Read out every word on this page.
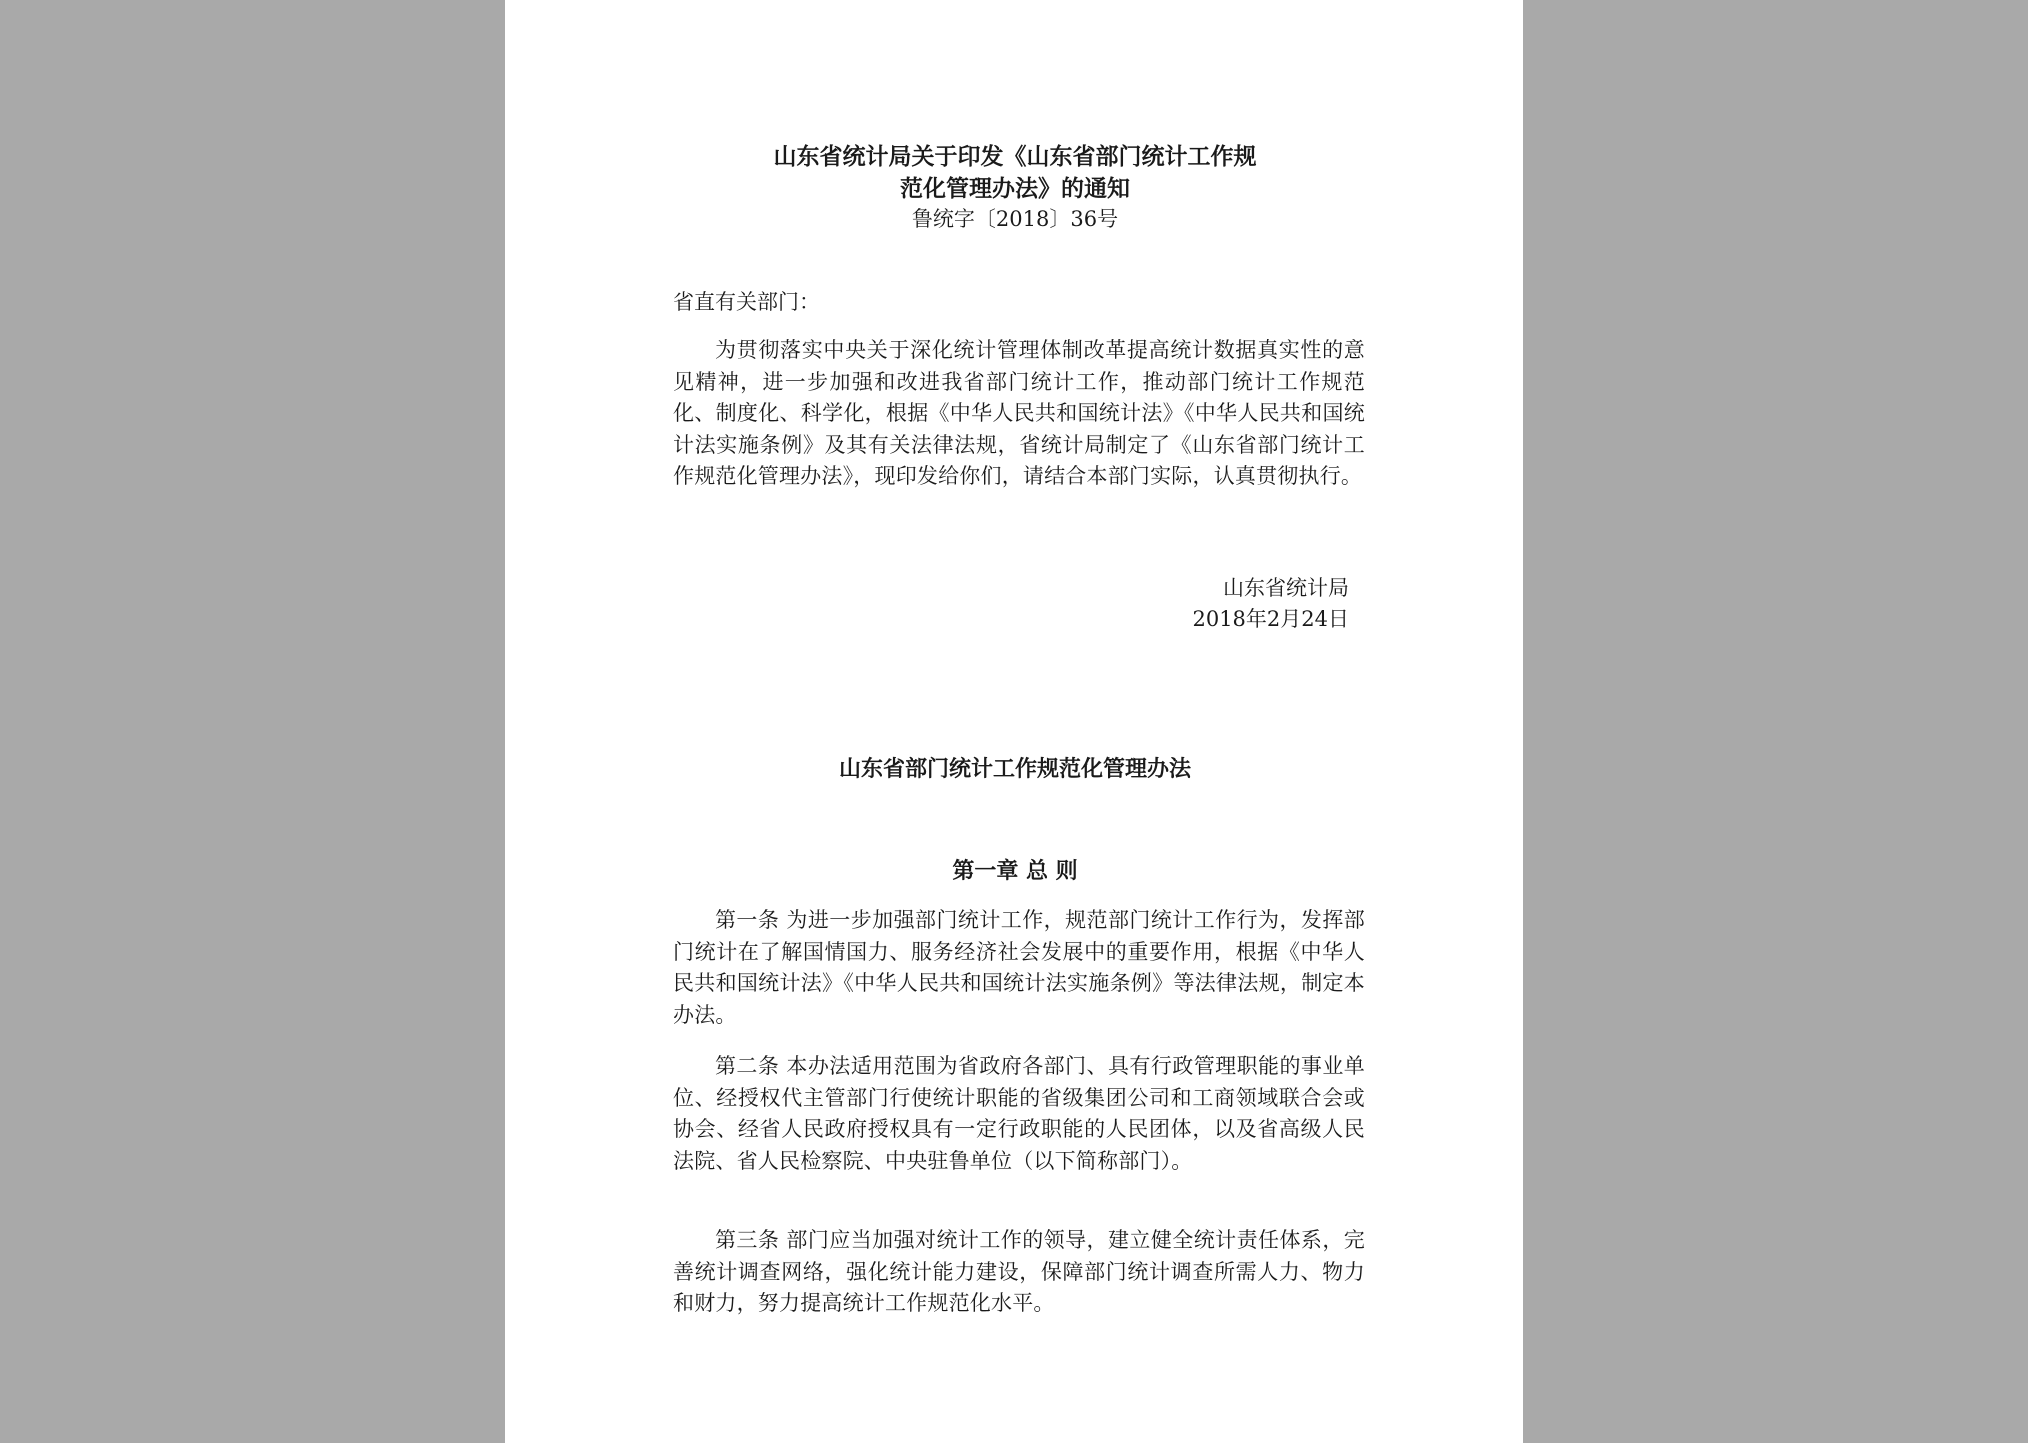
山东省统计局关于印发《山东省部门统计工作规
范化管理办法》的通知
鲁统字〔2018〕36号
省直有关部门：
为贯彻落实中央关于深化统计管理体制改革提高统计数据真实性的意见精神，进一步加强和改进我省部门统计工作，推动部门统计工作规范化、制度化、科学化，根据《中华人民共和国统计法》《中华人民共和国统计法实施条例》及其有关法律法规，省统计局制定了《山东省部门统计工作规范化管理办法》，现印发给你们，请结合本部门实际，认真贯彻执行。
山东省统计局
2018年2月24日
山东省部门统计工作规范化管理办法
第一章 总 则
第一条 为进一步加强部门统计工作，规范部门统计工作行为，发挥部门统计在了解国情国力、服务经济社会发展中的重要作用，根据《中华人民共和国统计法》《中华人民共和国统计法实施条例》等法律法规，制定本办法。
第二条 本办法适用范围为省政府各部门、具有行政管理职能的事业单位、经授权代主管部门行使统计职能的省级集团公司和工商领域联合会或协会、经省人民政府授权具有一定行政职能的人民团体，以及省高级人民法院、省人民检察院、中央驻鲁单位（以下简称部门）。
第三条 部门应当加强对统计工作的领导，建立健全统计责任体系，完善统计调查网络，强化统计能力建设，保障部门统计调查所需人力、物力和财力，努力提高统计工作规范化水平。
